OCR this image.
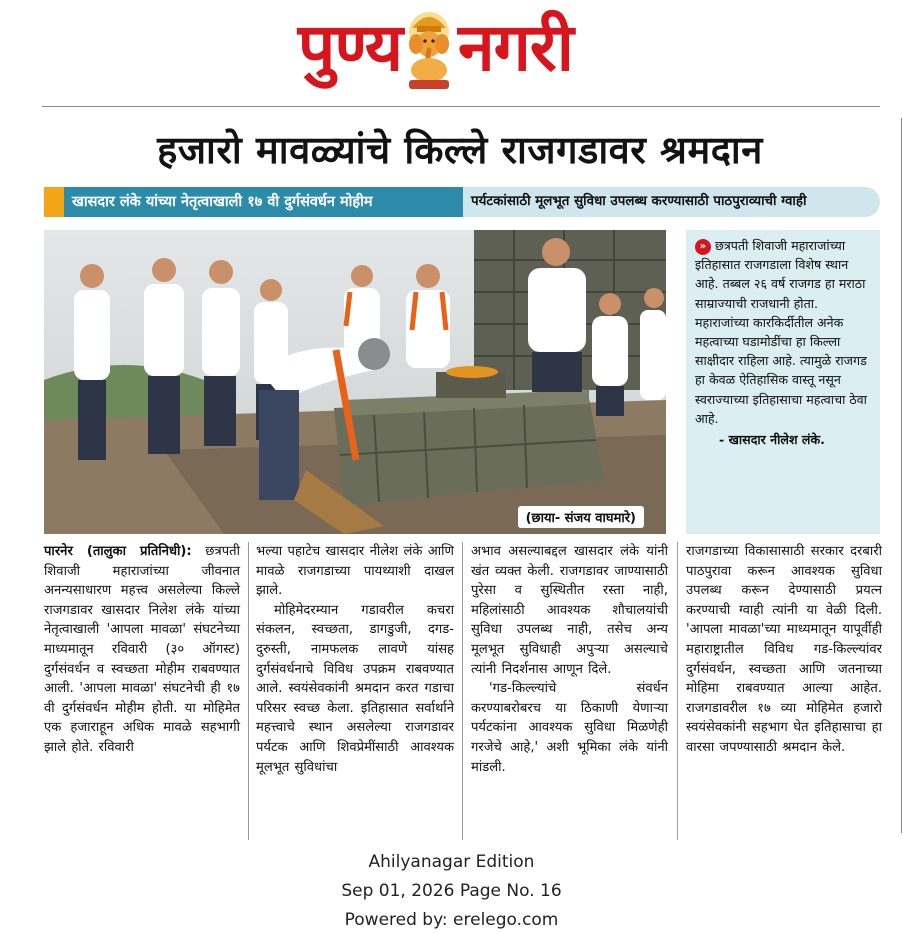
पुण्य नगरी
हजारो मावळ्यांचे किल्ले राजगडावर श्रमदान
खासदार लंके यांच्या नेतृत्वाखाली १७ वी दुर्गसंवर्धन मोहीम	पर्यटकांसाठी मूलभूत सुविधा उपलब्ध करण्यासाठी पाठपुराव्याची ग्वाही
(छाया- संजय वाघमारे)
» छत्रपती शिवाजी महाराजांच्या इतिहासात राजगडाला विशेष स्थान आहे. तब्बल २६ वर्ष राजगड हा मराठा साम्राज्याची राजधानी होता. महाराजांच्या कारकिर्दीतील अनेक महत्वाच्या घडामोडींचा हा किल्ला साक्षीदार राहिला आहे. त्यामुळे राजगड हा केवळ ऐतिहासिक वास्तू नसून स्वराज्याच्या इतिहासाचा महत्वाचा ठेवा आहे.
- खासदार नीलेश लंके.

पारनेर (तालुका प्रतिनिधी): छत्रपती शिवाजी महाराजांच्या जीवनात अनन्यसाधारण महत्त्व असलेल्या किल्ले राजगडावर खासदार निलेश लंके यांच्या नेतृत्वाखाली 'आपला मावळा' संघटनेच्या माध्यमातून रविवारी (३० ऑगस्ट) दुर्गसंवर्धन व स्वच्छता मोहीम राबवण्यात आली. 'आपला मावळा' संघटनेची ही १७ वी दुर्गसंवर्धन मोहीम होती. या मोहिमेत एक हजाराहून अधिक मावळे सहभागी झाले होते. रविवारी

भल्या पहाटेच खासदार नीलेश लंके आणि मावळे राजगडाच्या पायथ्याशी दाखल झाले.

मोहिमेदरम्यान गडावरील कचरा संकलन, स्वच्छता, डागडुजी, दगड-दुरुस्ती, नामफलक लावणे यांसह दुर्गसंवर्धनाचे विविध उपक्रम राबवण्यात आले. स्वयंसेवकांनी श्रमदान करत गडाचा परिसर स्वच्छ केला. इतिहासात सर्वार्थाने महत्त्वाचे स्थान असलेल्या राजगडावर पर्यटक आणि शिवप्रेमींसाठी आवश्यक मूलभूत सुविधांचा

अभाव असल्याबद्दल खासदार लंके यांनी खंत व्यक्त केली. राजगडावर जाण्यासाठी पुरेसा व सुस्थितीत रस्ता नाही, महिलांसाठी आवश्यक शौचालयांची सुविधा उपलब्ध नाही, तसेच अन्य मूलभूत सुविधाही अपुऱ्या असल्याचे त्यांनी निदर्शनास आणून दिले.

'गड-किल्ल्यांचे संवर्धन करण्याबरोबरच या ठिकाणी येणाऱ्या पर्यटकांना आवश्यक सुविधा मिळणेही गरजेचे आहे,' अशी भूमिका लंके यांनी मांडली.

राजगडाच्या विकासासाठी सरकार दरबारी पाठपुरावा करून आवश्यक सुविधा उपलब्ध करून देण्यासाठी प्रयत्न करण्याची ग्वाही त्यांनी या वेळी दिली. 'आपला मावळा'च्या माध्यमातून यापूर्वीही महाराष्ट्रातील विविध गड-किल्ल्यांवर दुर्गसंवर्धन, स्वच्छता आणि जतनाच्या मोहिमा राबवण्यात आल्या आहेत. राजगडावरील १७ व्या मोहिमेत हजारो स्वयंसेवकांनी सहभाग घेत इतिहासाचा हा वारसा जपण्यासाठी श्रमदान केले.

Ahilyanagar Edition
Sep 01, 2026 Page No. 16
Powered by: erelego.com
